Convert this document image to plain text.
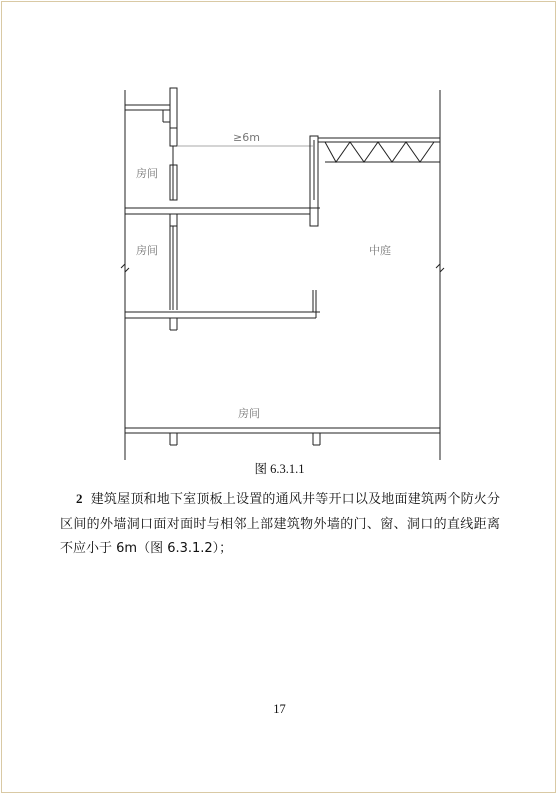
≥6m
房间
房间	中庭
房间
图 6.3.1.1
2 建筑屋顶和地下室顶板上设置的通风井等开口以及地面建筑两个防火分区间的外墙洞口面对面时与相邻上部建筑物外墙的门、窗、洞口的直线距离不应小于 6m（图 6.3.1.2）；
17
